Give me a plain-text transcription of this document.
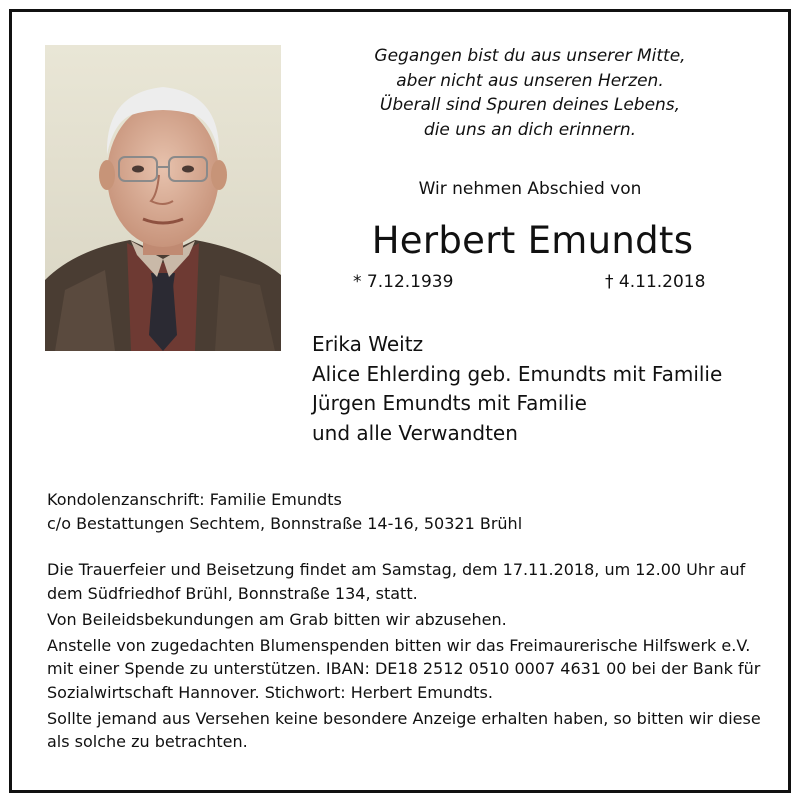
Gegangen bist du aus unserer Mitte,
aber nicht aus unseren Herzen.
Überall sind Spuren deines Lebens,
die uns an dich erinnern.
Wir nehmen Abschied von
Herbert Emundts
* 7.12.1939	† 4.11.2018
Erika Weitz
Alice Ehlerding geb. Emundts mit Familie
Jürgen Emundts mit Familie
und alle Verwandten
Kondolenzanschrift: Familie Emundts
c/o Bestattungen Sechtem, Bonnstraße 14-16, 50321 Brühl
Die Trauerfeier und Beisetzung findet am Samstag, dem 17.11.2018, um 12.00 Uhr auf
dem Südfriedhof Brühl, Bonnstraße 134, statt.
Von Beileidsbekundungen am Grab bitten wir abzusehen.
Anstelle von zugedachten Blumenspenden bitten wir das Freimaurerische Hilfswerk e.V.
mit einer Spende zu unterstützen. IBAN: DE18 2512 0510 0007 4631 00 bei der Bank für
Sozialwirtschaft Hannover. Stichwort: Herbert Emundts.
Sollte jemand aus Versehen keine besondere Anzeige erhalten haben, so bitten wir diese
als solche zu betrachten.
